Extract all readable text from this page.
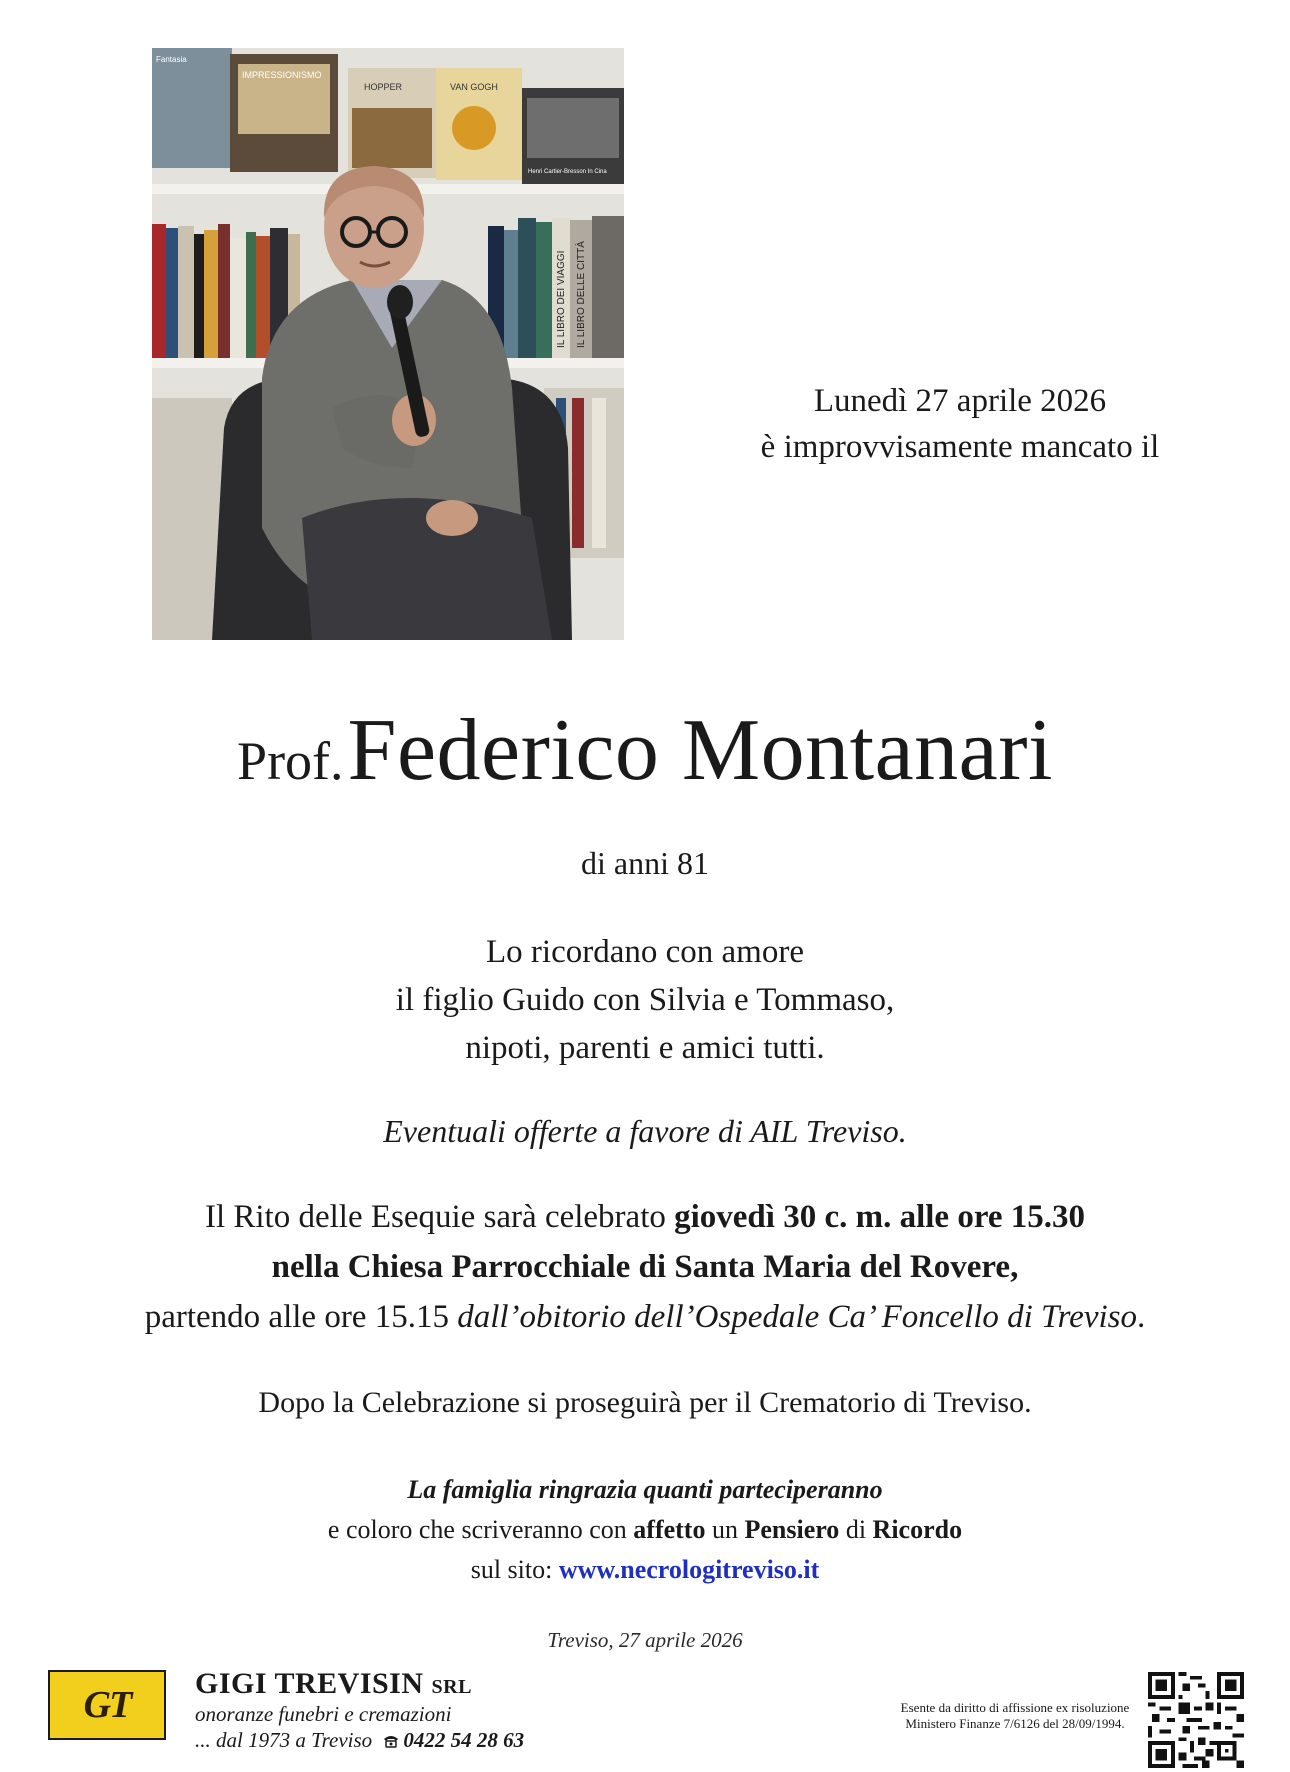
IMPRESSIONISMO
Fantasia
HOPPER	VAN GOGH
Henri Cartier-Bresson In Cina
IL LIBRO DELLE CITTÀ
IL LIBRO DEI VIAGGI
Lunedì 27 aprile 2026
è improvvisamente mancato il
Prof. Federico Montanari
di anni 81
Lo ricordano con amore
il figlio Guido con Silvia e Tommaso,
nipoti, parenti e amici tutti.
Eventuali offerte a favore di AIL Treviso.
Il Rito delle Esequie sarà celebrato giovedì 30 c. m. alle ore 15.30
nella Chiesa Parrocchiale di Santa Maria del Rovere,
partendo alle ore 15.15 dall’obitorio dell’Ospedale Ca’ Foncello di Treviso.
Dopo la Celebrazione si proseguirà per il Crematorio di Treviso.
La famiglia ringrazia quanti parteciperanno
e coloro che scriveranno con affetto un Pensiero di Ricordo
sul sito: www.necrologitreviso.it
Treviso, 27 aprile 2026
GT
GIGI TREVISIN SRL
onoranze funebri e cremazioni
... dal 1973 a Treviso 0422 54 28 63
Esente da diritto di affissione ex risoluzione
Ministero Finanze 7/6126 del 28/09/1994.
